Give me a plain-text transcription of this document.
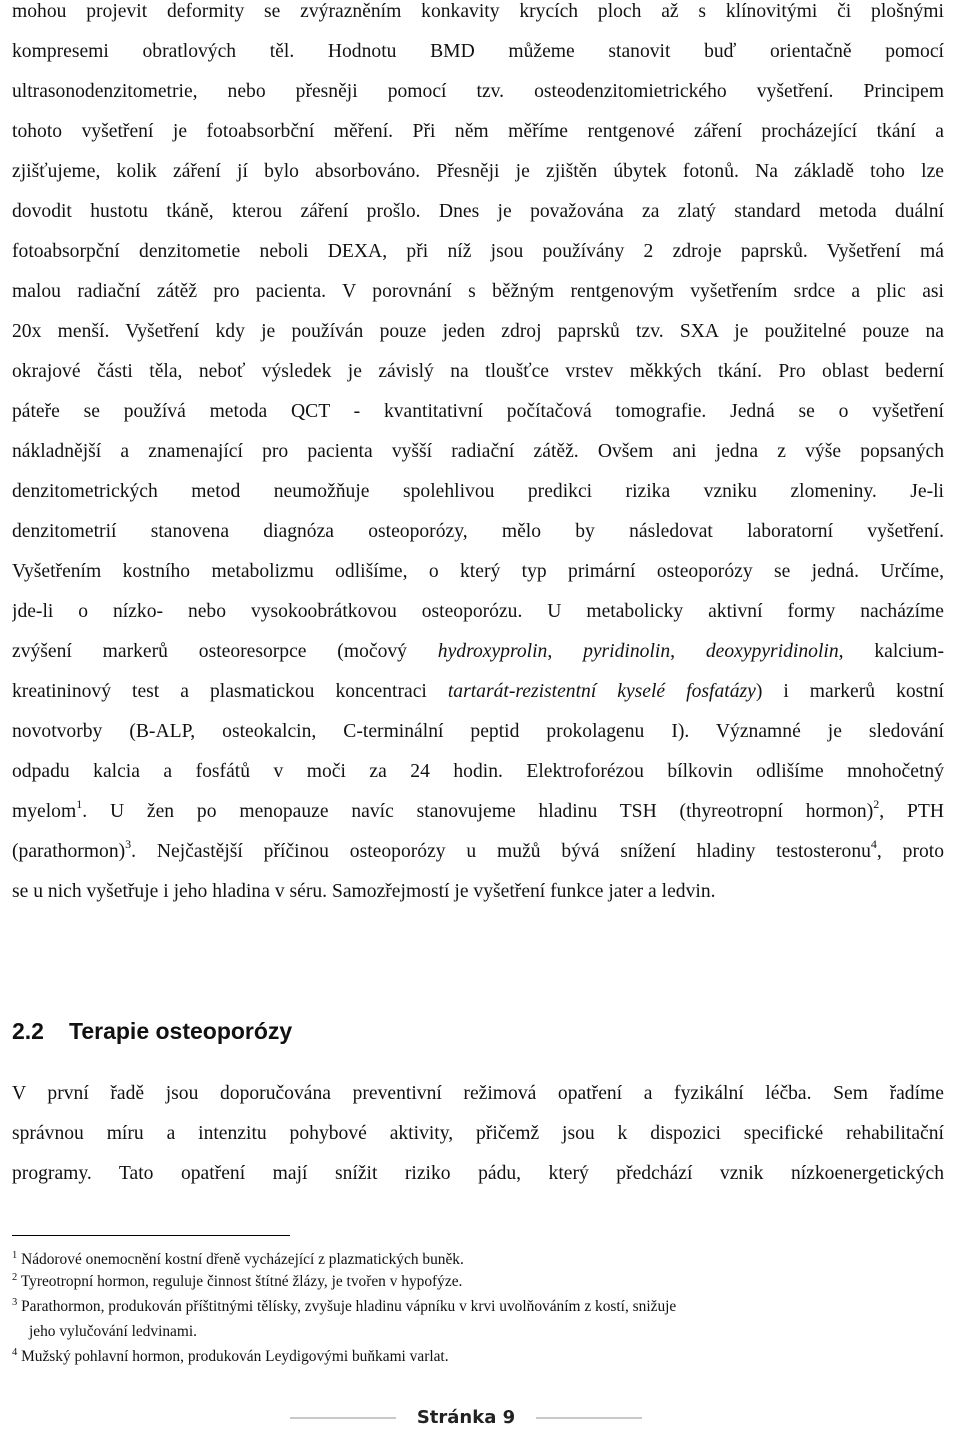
mohou projevit deformity se zvýrazněním konkavity krycích ploch až s klínovitými či plošnými
kompresemi obratlových těl. Hodnotu BMD můžeme stanovit buď orientačně pomocí
ultrasonodenzitometrie, nebo přesněji pomocí tzv. osteodenzitomietrického vyšetření. Principem
tohoto vyšetření je fotoabsorbční měření. Při něm měříme rentgenové záření procházející tkání a
zjišťujeme, kolik záření jí bylo absorbováno. Přesněji je zjištěn úbytek fotonů. Na základě toho lze
dovodit hustotu tkáně, kterou záření prošlo. Dnes je považována za zlatý standard metoda duální
fotoabsorpční denzitometie neboli DEXA, při níž jsou používány 2 zdroje paprsků. Vyšetření má
malou radiační zátěž pro pacienta. V porovnání s běžným rentgenovým vyšetřením srdce a plic asi
20x menší. Vyšetření kdy je používán pouze jeden zdroj paprsků tzv. SXA je použitelné pouze na
okrajové části těla, neboť výsledek je závislý na tloušťce vrstev měkkých tkání. Pro oblast bederní
páteře se používá metoda QCT - kvantitativní počítačová tomografie. Jedná se o vyšetření
nákladnější a znamenající pro pacienta vyšší radiační zátěž. Ovšem ani jedna z výše popsaných
denzitometrických metod neumožňuje spolehlivou predikci rizika vzniku zlomeniny. Je-li
denzitometrií stanovena diagnóza osteoporózy, mělo by následovat laboratorní vyšetření.
Vyšetřením kostního metabolizmu odlišíme, o který typ primární osteoporózy se jedná. Určíme,
jde-li o nízko- nebo vysokoobrátkovou osteoporózu. U metabolicky aktivní formy nacházíme
zvýšení markerů osteoresorpce (močový hydroxyprolin, pyridinolin, deoxypyridinolin, kalcium-
kreatininový test a plasmatickou koncentraci tartarát-rezistentní kyselé fosfatázy) i markerů kostní
novotvorby (B-ALP, osteokalcin, C-terminální peptid prokolagenu I). Významné je sledování
odpadu kalcia a fosfátů v moči za 24 hodin. Elektroforézou bílkovin odlišíme mnohočetný
myelom$^1$. U žen po menopauze navíc stanovujeme hladinu TSH (thyreotropní hormon)$^2$, PTH
(parathormon)$^3$. Nejčastější příčinou osteoporózy u mužů bývá snížení hladiny testosteronu$^4$, proto
se u nich vyšetřuje i jeho hladina v séru. Samozřejmostí je vyšetření funkce jater a ledvin.
2.2 Terapie osteoporózy
V první řadě jsou doporučována preventivní režimová opatření a fyzikální léčba. Sem řadíme
správnou míru a intenzitu pohybové aktivity, přičemž jsou k dispozici specifické rehabilitační
programy. Tato opatření mají snížit riziko pádu, který předchází vznik nízkoenergetických
$^1$ Nádorové onemocnění kostní dřeně vycházející z plazmatických buněk.
$^2$ Tyreotropní hormon, reguluje činnost štítné žlázy, je tvořen v hypofýze.
$^3$ Parathormon, produkován příštitnými tělísky, zvyšuje hladinu vápníku v krvi uvolňováním z kostí, snižuje
jeho vylučování ledvinami.
$^4$ Mužský pohlavní hormon, produkován Leydigovými buňkami varlat.
Stránka 9
